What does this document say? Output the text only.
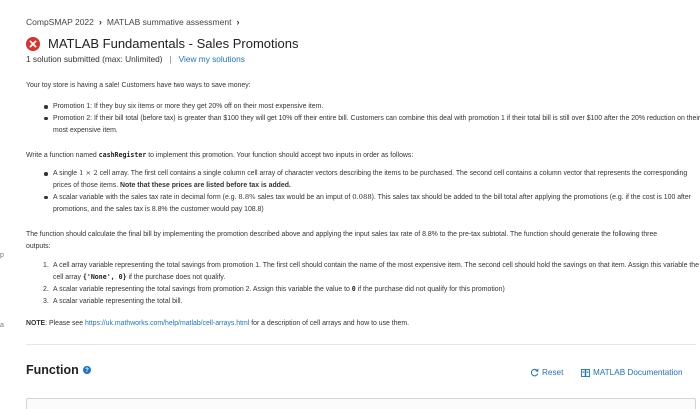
p
a
CompSMAP 2022 › MATLAB summative assessment ›
MATLAB Fundamentals - Sales Promotions
1 solution submitted (max: Unlimited) | View my solutions

Your toy store is having a sale! Customers have two ways to save money:

Promotion 1: If they buy six items or more they get 20% off on their most expensive item.
Promotion 2: If their bill total (before tax) is greater than $100 they will get 10% off their entire bill. Customers can combine this deal with promotion 1 if their total bill is still over $100 after the 20% reduction on their most expensive item.

Write a function named cashRegister to implement this promotion. Your function should accept two inputs in order as follows:

A single 1 × 2 cell array. The first cell contains a single column cell array of character vectors describing the items to be purchased. The second cell contains a column vector that represents the corresponding prices of those items. Note that these prices are listed before tax is added.
A scalar variable with the sales tax rate in decimal form (e.g. 8.8% sales tax would be an imput of 0.088). This sales tax should be added to the bill total after applying the promotions (e.g. if the cost is 100 after promotions, and the sales tax is 8.8% the customer would pay 108.8)

The function should calculate the final bill by implementing the promotion described above and applying the input sales tax rate of 8.8% to the pre-tax subtotal. The function should generate the following three outputs:

1. A cell array variable representing the total savings from promotion 1. The first cell should contain the name of the most expensive item. The second cell should hold the savings on that item. Assign this variable the cell array {'None', 0} if the purchase does not qualify.
2. A scalar variable representing the total savings from promotion 2. Assign this variable the value to 0 if the purchase did not qualify for this promotion)
3. A scalar variable representing the total bill.

NOTE: Please see https://uk.mathworks.com/help/matlab/cell-arrays.html for a description of cell arrays and how to use them.

Function ?	Reset	MATLAB Documentation
